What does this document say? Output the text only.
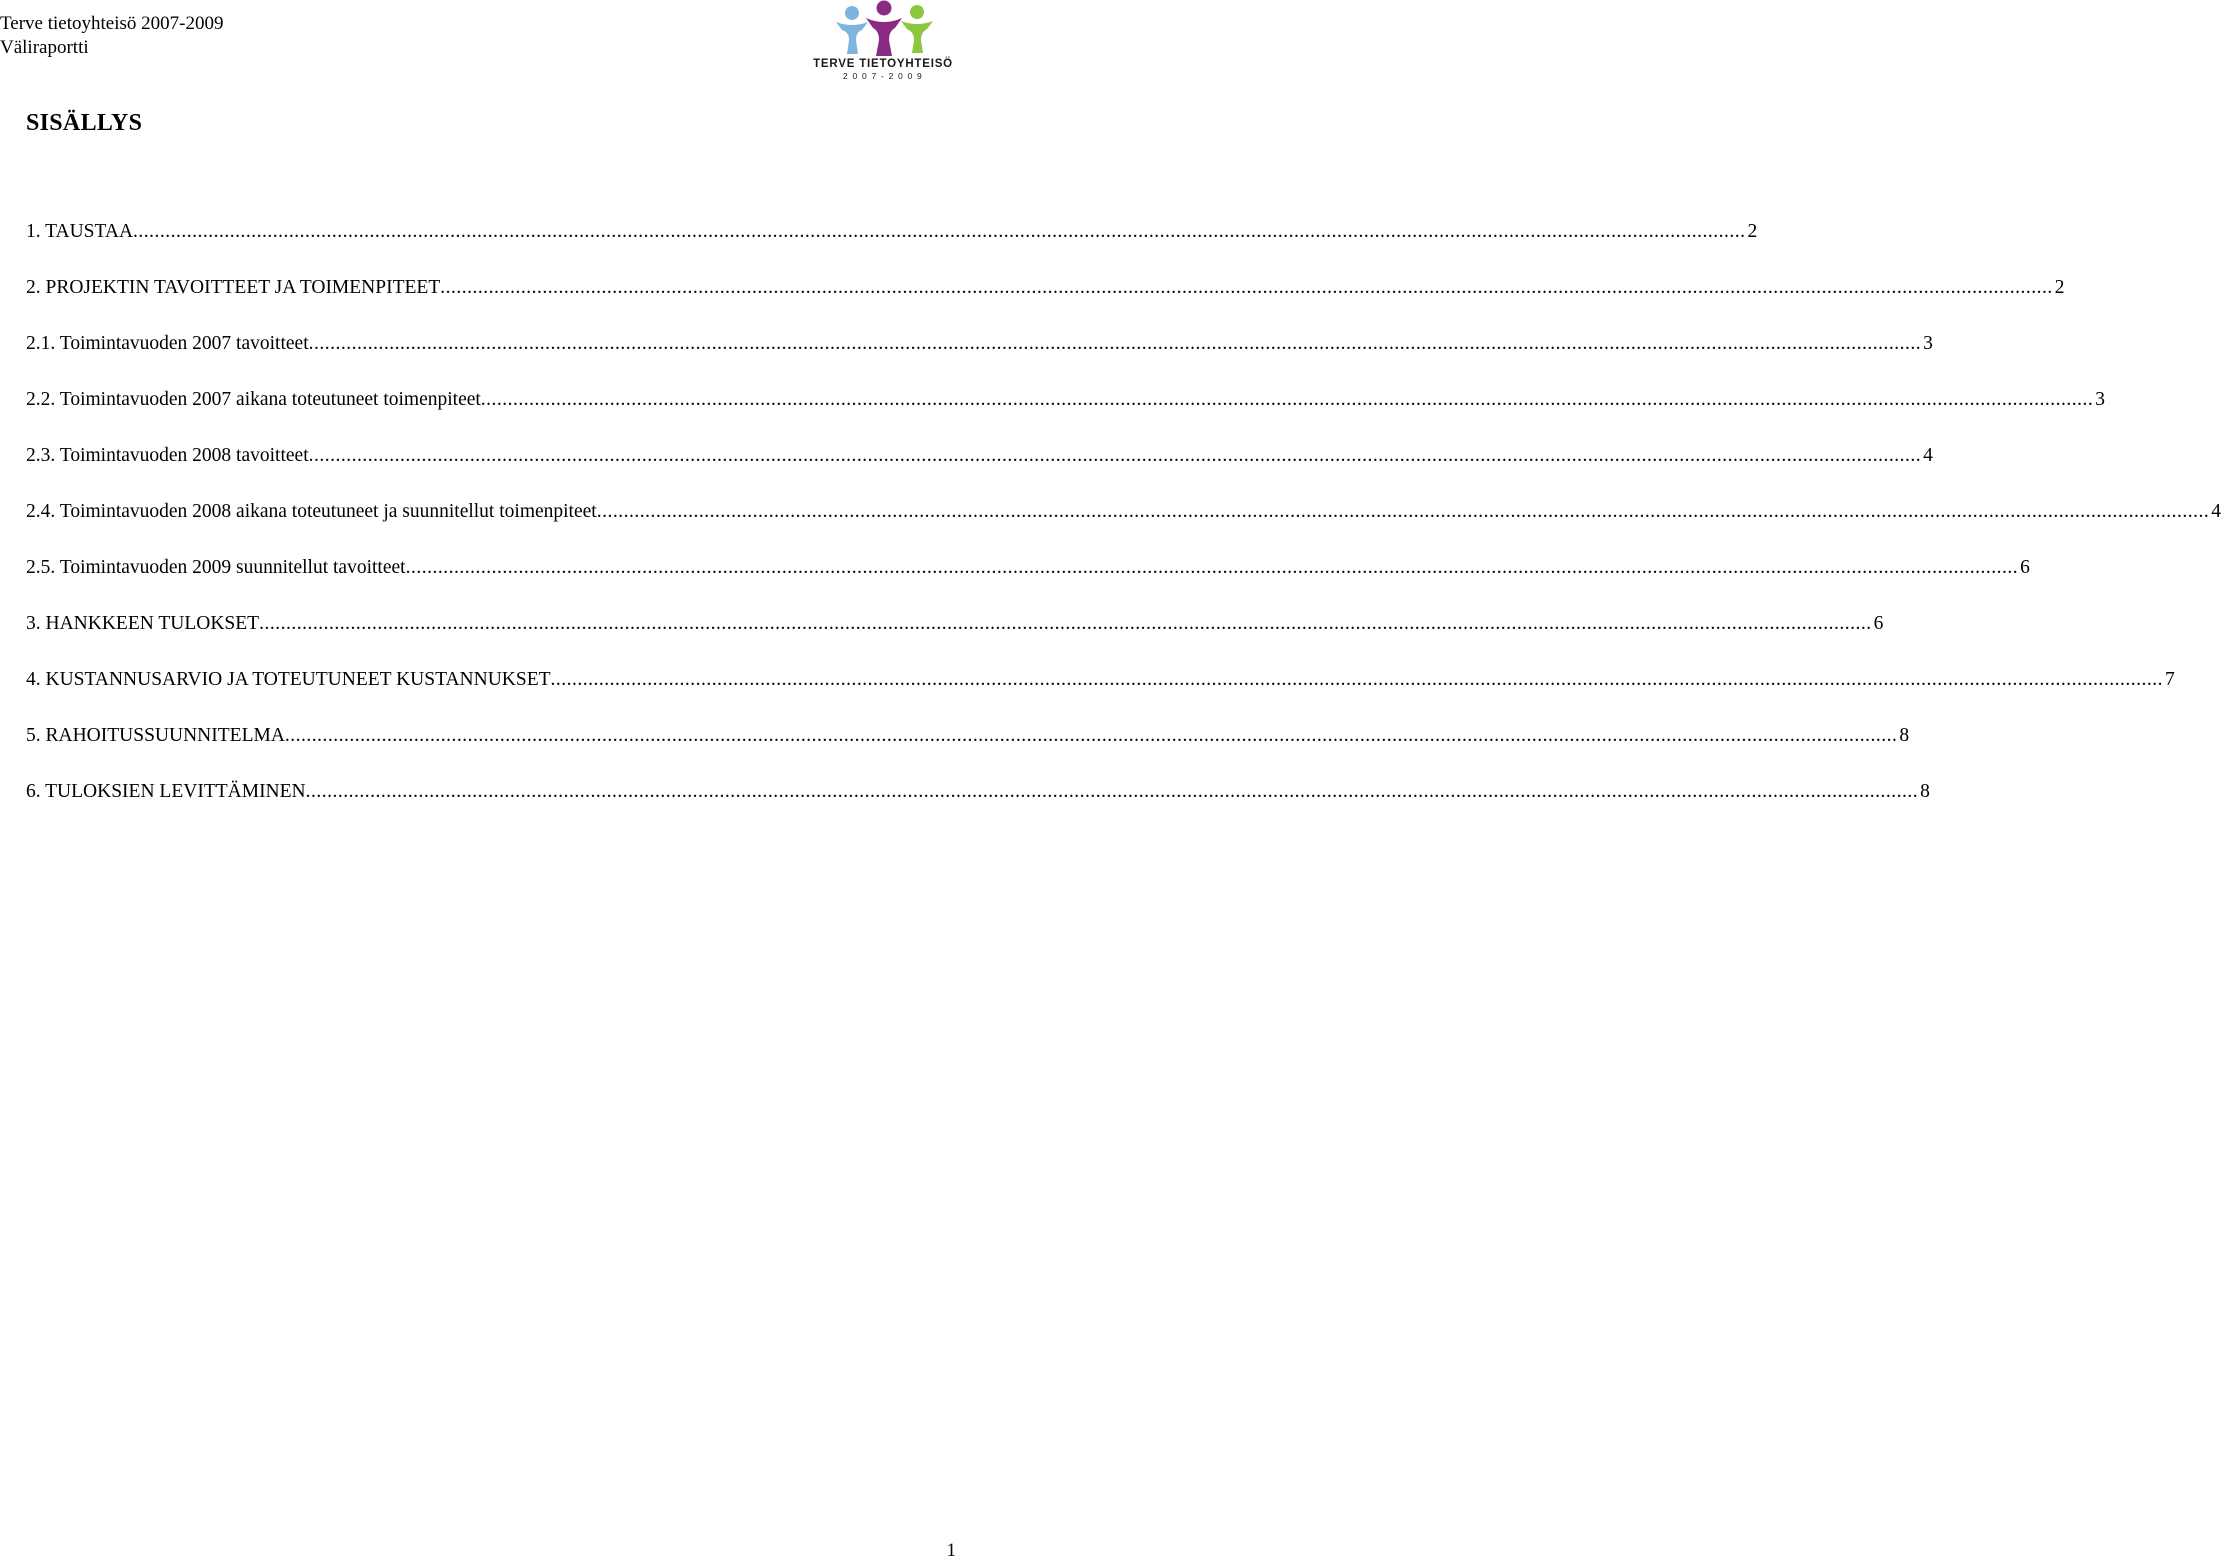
Terve tietoyhteisö 2007-2009
Väliraportti
TERVE TIETOYHTEISÖ
2 0 0 7 - 2 0 0 9
SISÄLLYS
1. TAUSTAA ............................................................................................................................................................................................................................................................................................................ 2
2. PROJEKTIN TAVOITTEET JA TOIMENPITEET ............................................................................................................................................................................................................................................................................................................ 2
2.1. Toimintavuoden 2007 tavoitteet ............................................................................................................................................................................................................................................................................................................ 3
2.2. Toimintavuoden 2007 aikana toteutuneet toimenpiteet ............................................................................................................................................................................................................................................................................................................ 3
2.3. Toimintavuoden 2008 tavoitteet ............................................................................................................................................................................................................................................................................................................ 4
2.4. Toimintavuoden 2008 aikana toteutuneet ja suunnitellut toimenpiteet ............................................................................................................................................................................................................................................................................................................ 4
2.5. Toimintavuoden 2009 suunnitellut tavoitteet ............................................................................................................................................................................................................................................................................................................ 6
3. HANKKEEN TULOKSET ............................................................................................................................................................................................................................................................................................................ 6
4. KUSTANNUSARVIO JA TOTEUTUNEET KUSTANNUKSET ............................................................................................................................................................................................................................................................................................................ 7
5. RAHOITUSSUUNNITELMA ............................................................................................................................................................................................................................................................................................................ 8
6. TULOKSIEN LEVITTÄMINEN ............................................................................................................................................................................................................................................................................................................ 8
1
